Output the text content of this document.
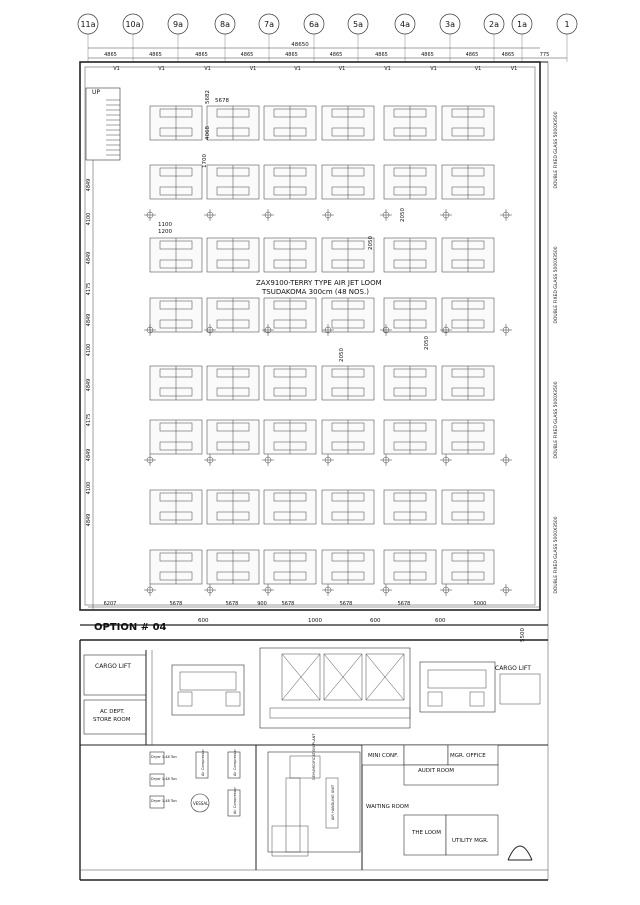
11a	10a	9a	8a	7a	6a	5a	4a	3a	2a 1a	1
48650
4865	4865	4865	4865	4865	4865	4865	4865	4865	4865	775
V1	V1	V1	V1	V1	V1	V1	V1	V1	V1
UP
4849
4100
4849
4175
4849
4100
4849
4175
4849
4100
4849
6207	5678	5678	900	5678	5678	5678	5000
5682 5678
4068
1700
2050
2050
2050
2050
1100
1200
600	1000	600	600
5500
ZAX9100-TERRY TYPE AIR JET LOOM
TSUDAKOMA 300cm (48 NOS.)
DOUBLE FIXED GLASS 5000X3500
DOUBLE FIXED GLASS 5000X3500
DOUBLE FIXED GLASS 5000X3500
DOUBLE FIXED GLASS 5000X3500
OPTION # 04
CARGO LIFT
AC DEPT.
STORE ROOM
CARGO LIFT
Dryer 1.48 Ton
Dryer 1.48 Ton
Dryer 1.48 Ton
Air Compressor	Air Compressor
Air Compressor
VESSAL
DEHUMIDIFICATION PLANT
AIR HANDLING UNIT
MINI CONF.	MGR. OFFICE
AUDIT ROOM
WAITING ROOM
THE LOOM
UTILITY MGR.
